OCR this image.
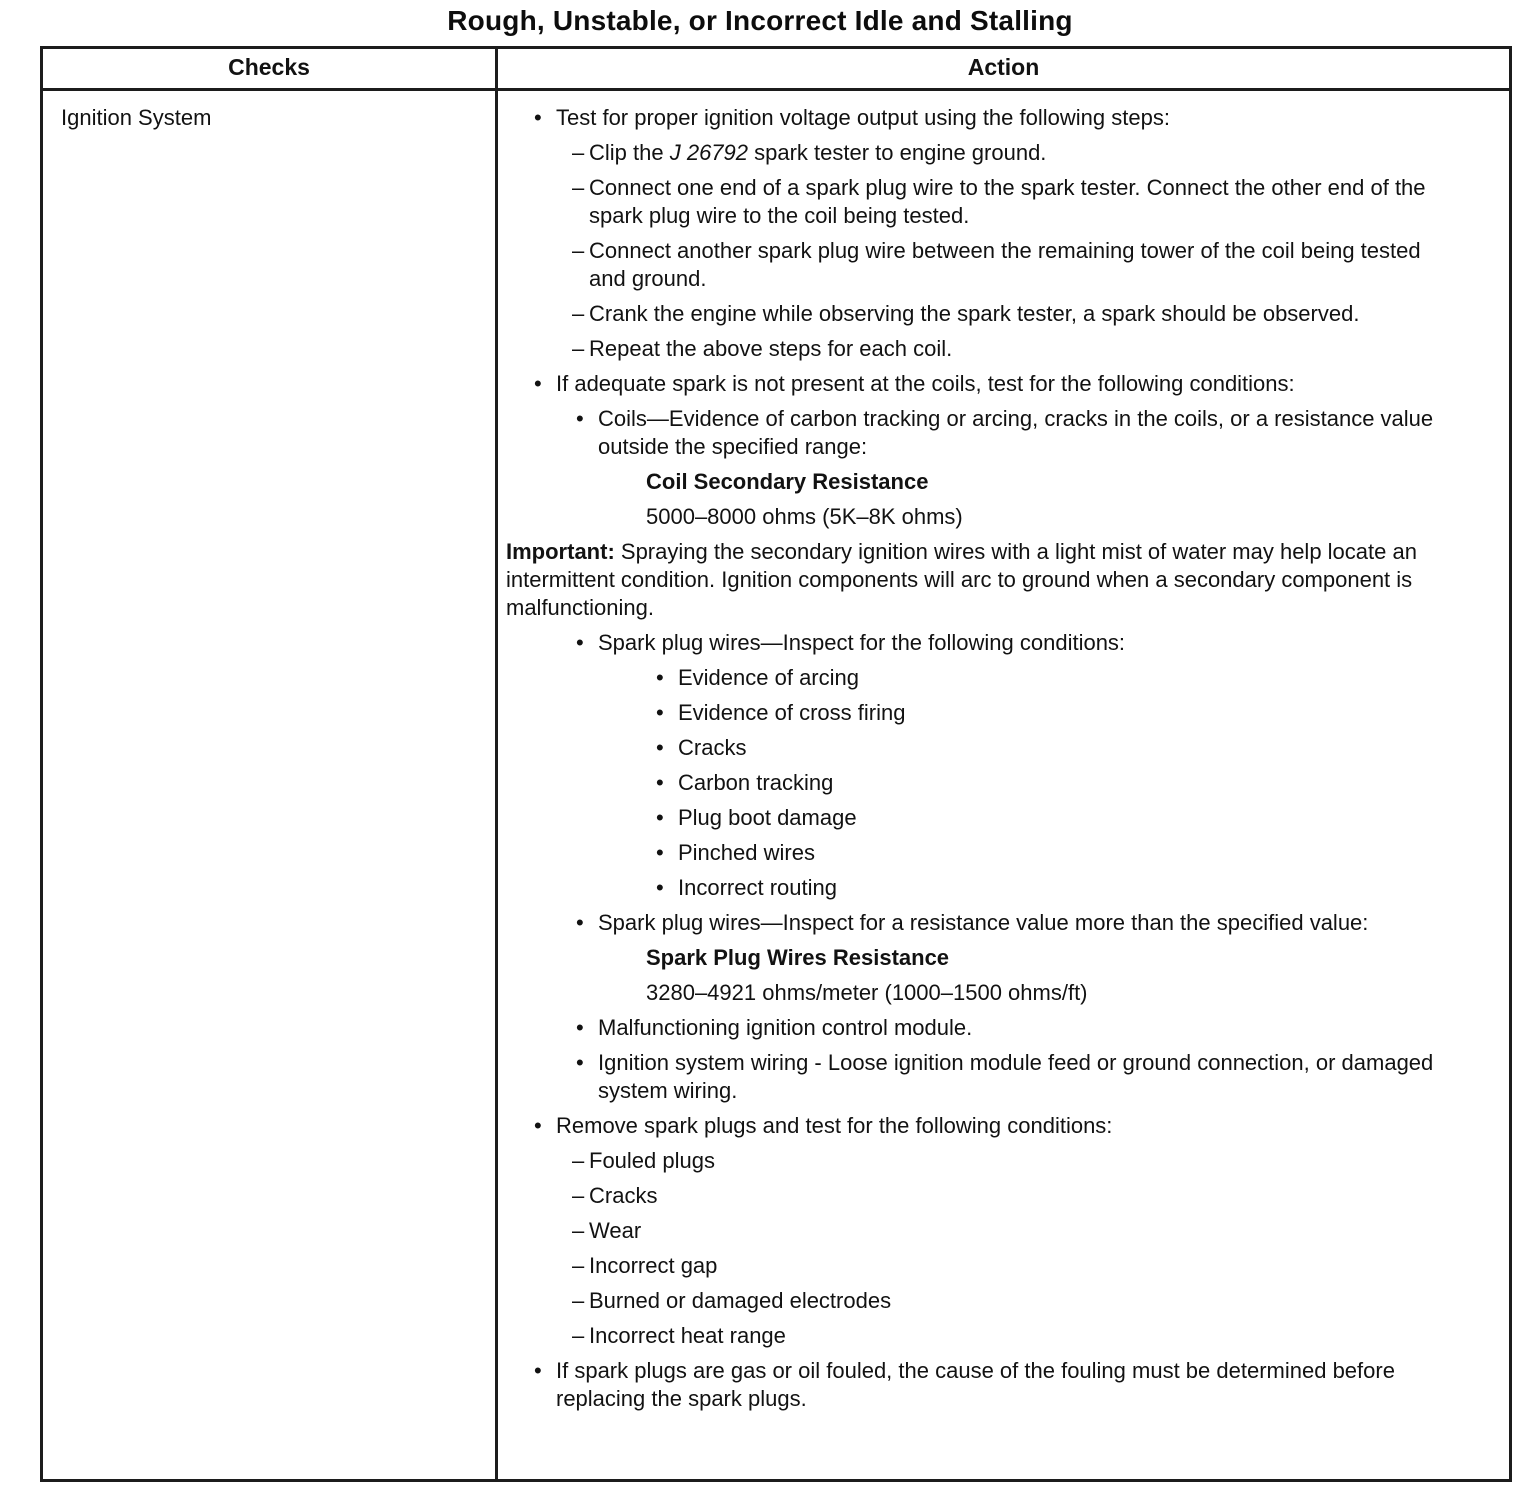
Rough, Unstable, or Incorrect Idle and Stalling
Checks	Action
Ignition System	• Test for proper ignition voltage output using the following steps:
– Clip the J 26792 spark tester to engine ground.
– Connect one end of a spark plug wire to the spark tester. Connect the other end of the spark plug wire to the coil being tested.
– Connect another spark plug wire between the remaining tower of the coil being tested and ground.
– Crank the engine while observing the spark tester, a spark should be observed.
– Repeat the above steps for each coil.
• If adequate spark is not present at the coils, test for the following conditions:
• Coils—Evidence of carbon tracking or arcing, cracks in the coils, or a resistance value outside the specified range:
Coil Secondary Resistance
5000–8000 ohms (5K–8K ohms)
Important: Spraying the secondary ignition wires with a light mist of water may help locate an intermittent condition. Ignition components will arc to ground when a secondary component is malfunctioning.
• Spark plug wires—Inspect for the following conditions:
• Evidence of arcing
• Evidence of cross firing
• Cracks
• Carbon tracking
• Plug boot damage
• Pinched wires
• Incorrect routing
• Spark plug wires—Inspect for a resistance value more than the specified value:
Spark Plug Wires Resistance
3280–4921 ohms/meter (1000–1500 ohms/ft)
• Malfunctioning ignition control module.
• Ignition system wiring - Loose ignition module feed or ground connection, or damaged system wiring.
• Remove spark plugs and test for the following conditions:
– Fouled plugs
– Cracks
– Wear
– Incorrect gap
– Burned or damaged electrodes
– Incorrect heat range
• If spark plugs are gas or oil fouled, the cause of the fouling must be determined before replacing the spark plugs.
